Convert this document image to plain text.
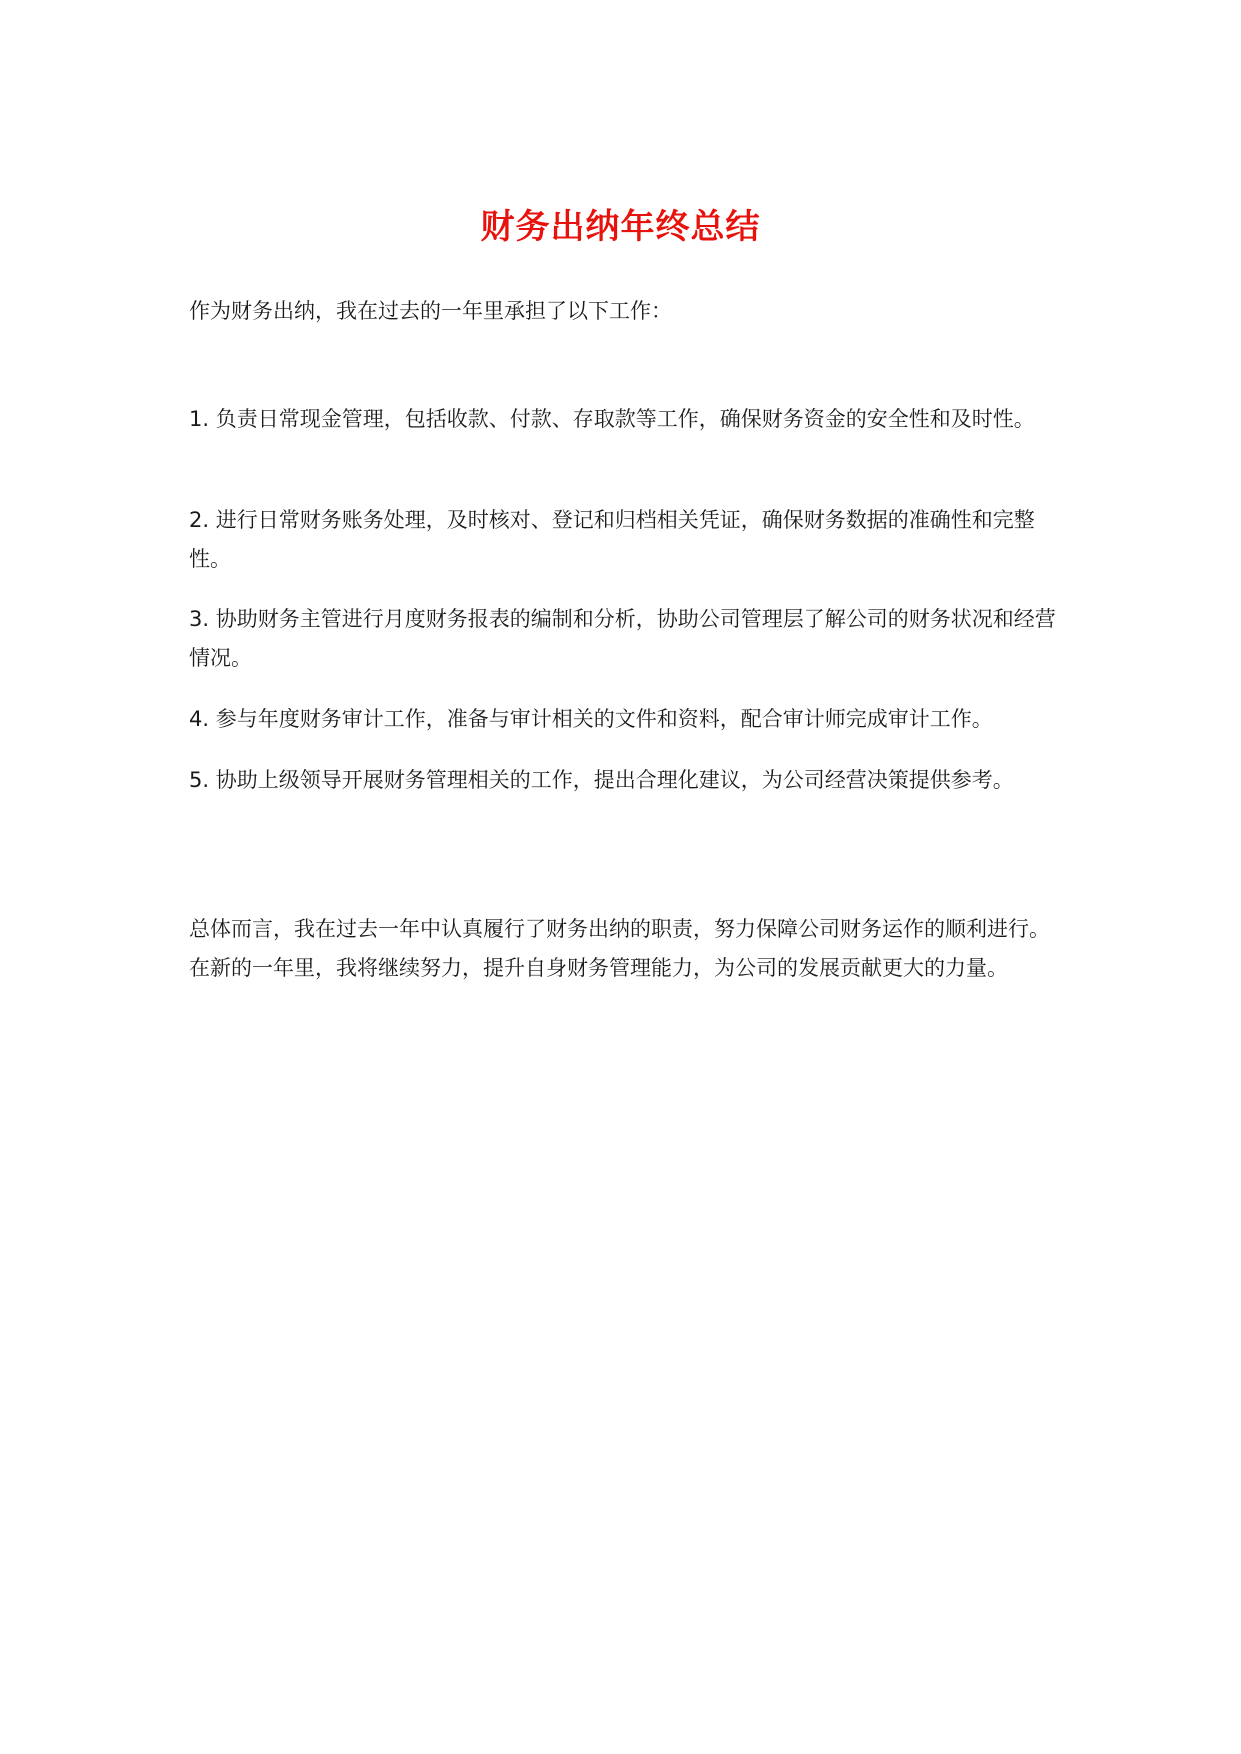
财务出纳年终总结

作为财务出纳，我在过去的一年里承担了以下工作：

1. 负责日常现金管理，包括收款、付款、存取款等工作，确保财务资金的安全性和及时性。

2. 进行日常财务账务处理，及时核对、登记和归档相关凭证，确保财务数据的准确性和完整性。

3. 协助财务主管进行月度财务报表的编制和分析，协助公司管理层了解公司的财务状况和经营情况。

4. 参与年度财务审计工作，准备与审计相关的文件和资料，配合审计师完成审计工作。

5. 协助上级领导开展财务管理相关的工作，提出合理化建议，为公司经营决策提供参考。

总体而言，我在过去一年中认真履行了财务出纳的职责，努力保障公司财务运作的顺利进行。在新的一年里，我将继续努力，提升自身财务管理能力，为公司的发展贡献更大的力量。
